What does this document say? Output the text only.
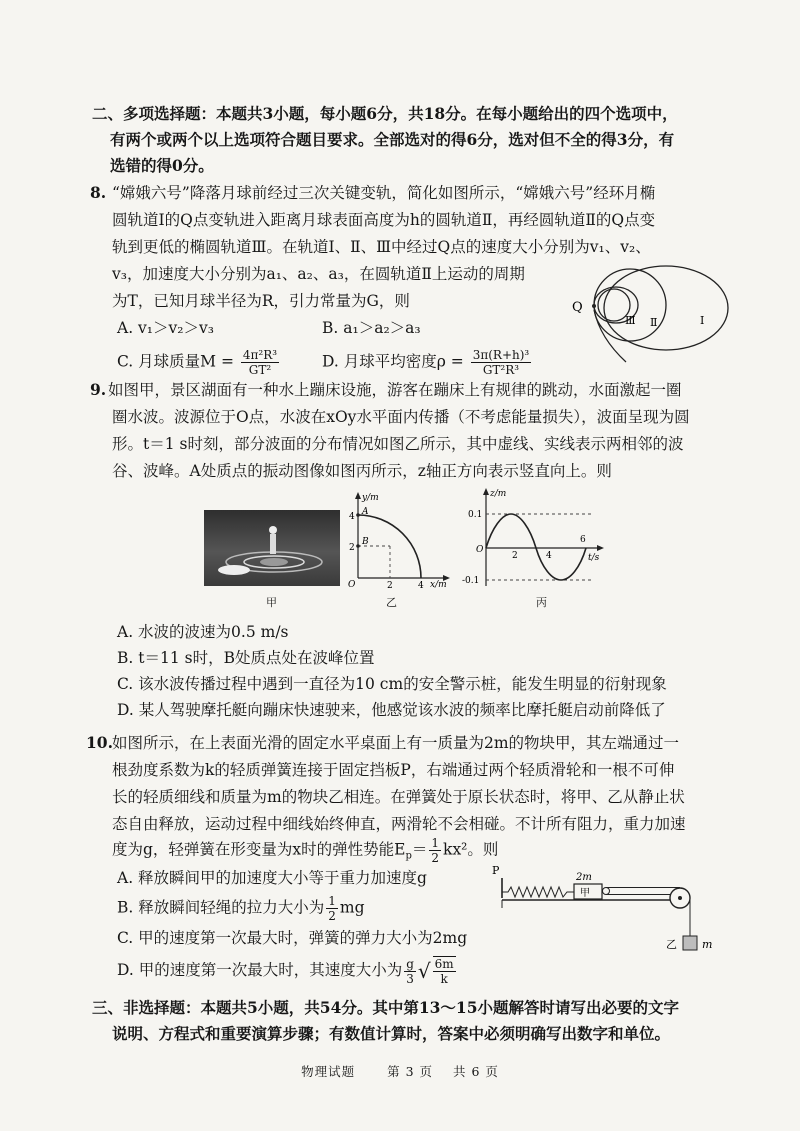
二、多项选择题：本题共3小题，每小题6分，共18分。在每小题给出的四个选项中，
有两个或两个以上选项符合题目要求。全部选对的得6分，选对但不全的得3分，有
选错的得0分。
8. “嫦娥六号”降落月球前经过三次关键变轨，简化如图所示，“嫦娥六号”经环月椭
圆轨道Ⅰ的Q点变轨进入距离月球表面高度为h的圆轨道Ⅱ，再经圆轨道Ⅱ的Q点变
轨到更低的椭圆轨道Ⅲ。在轨道Ⅰ、Ⅱ、Ⅲ中经过Q点的速度大小分别为v₁、v₂、
v₃，加速度大小分别为a₁、a₂、a₃，在圆轨道Ⅱ上运动的周期
为T，已知月球半径为R，引力常量为G，则
A. v₁＞v₂＞v₃	B. a₁＞a₂＞a₃
C. 月球质量$M = \frac{\text{4π²R³}}{\text{GT²}}$	D. 月球平均密度$\rho = \frac{\text{3π(R+h)³}}{\text{GT²R³}}$
Q
Ⅲ Ⅱ	Ⅰ
9. 如图甲，景区湖面有一种水上蹦床设施，游客在蹦床上有规律的跳动，水面激起一圈
圈水波。波源位于O点，水波在xOy水平面内传播（不考虑能量损失），波面呈现为圆
形。t＝1 s时刻，部分波面的分布情况如图乙所示，其中虚线、实线表示两相邻的波
谷、波峰。A处质点的振动图像如图丙所示，z轴正方向表示竖直向上。则
甲
y/m
x/m
A
B
O
4
2
2	4
乙
z/m
t/s
0.1
-0.1
O
2	4
6
丙
A. 水波的波速为0.5 m/s
B. t＝11 s时，B处质点处在波峰位置
C. 该水波传播过程中遇到一直径为10 cm的安全警示桩，能发生明显的衍射现象
D. 某人驾驶摩托艇向蹦床快速驶来，他感觉该水波的频率比摩托艇启动前降低了
10. 如图所示，在上表面光滑的固定水平桌面上有一质量为2m的物块甲，其左端通过一
根劲度系数为k的轻质弹簧连接于固定挡板P，右端通过两个轻质滑轮和一根不可伸
长的轻质细线和质量为m的物块乙相连。在弹簧处于原长状态时，将甲、乙从静止状
态自由释放，运动过程中细线始终伸直，两滑轮不会相碰。不计所有阻力，重力加速
度为g，轻弹簧在形变量为x时的弹性势能$E_p= \frac{1}{2} kx^2$。则
A. 释放瞬间甲的加速度大小等于重力加速度g
B. 释放瞬间轻绳的拉力大小为 $\frac{1}{2}$ mg
C. 甲的速度第一次最大时，弹簧的弹力大小为2mg
D. 甲的速度第一次最大时，其速度大小为 $\frac{g}{3}$ √ $\frac{6m}{k}$
P
甲
2m
乙 m
三、非选择题：本题共5小题，共54分。其中第13～15小题解答时请写出必要的文字
说明、方程式和重要演算步骤；有数值计算时，答案中必须明确写出数字和单位。
物理试题	第 3 页 共 6 页
